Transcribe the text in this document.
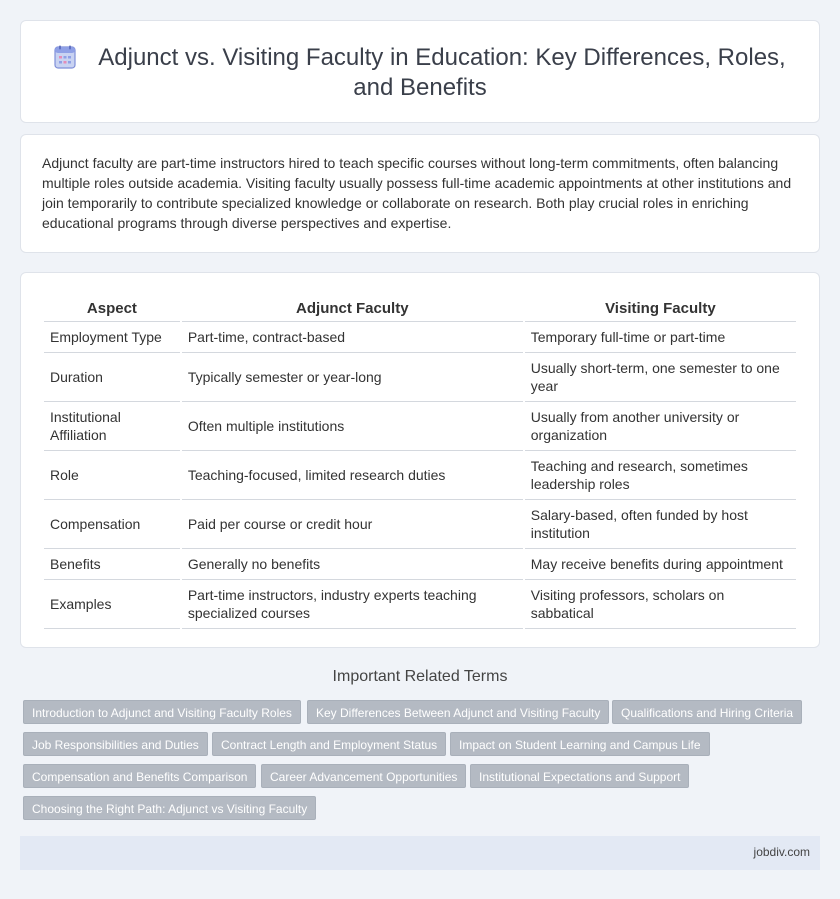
Adjunct vs. Visiting Faculty in Education: Key Differences, Roles,
and Benefits

Adjunct faculty are part-time instructors hired to teach specific courses without long-term commitments, often balancing multiple roles outside academia. Visiting faculty usually possess full-time academic appointments at other institutions and join temporarily to contribute specialized knowledge or collaborate on research. Both play crucial roles in enriching educational programs through diverse perspectives and expertise.

Aspect	Adjunct Faculty	Visiting Faculty
Employment Type	Part-time, contract-based	Temporary full-time or part-time
Duration	Typically semester or year-long	Usually short-term, one semester to one year
Institutional Affiliation	Often multiple institutions	Usually from another university or organization
Role	Teaching-focused, limited research duties	Teaching and research, sometimes leadership roles
Compensation	Paid per course or credit hour	Salary-based, often funded by host institution
Benefits	Generally no benefits	May receive benefits during appointment
Examples	Part-time instructors, industry experts teaching specialized courses	Visiting professors, scholars on sabbatical
Important Related Terms
Introduction to Adjunct and Visiting Faculty Roles	Key Differences Between Adjunct and Visiting Faculty	Qualifications and Hiring Criteria
Job Responsibilities and Duties	Contract Length and Employment Status	Impact on Student Learning and Campus Life
Compensation and Benefits Comparison	Career Advancement Opportunities	Institutional Expectations and Support
Choosing the Right Path: Adjunct vs Visiting Faculty
jobdiv.com
